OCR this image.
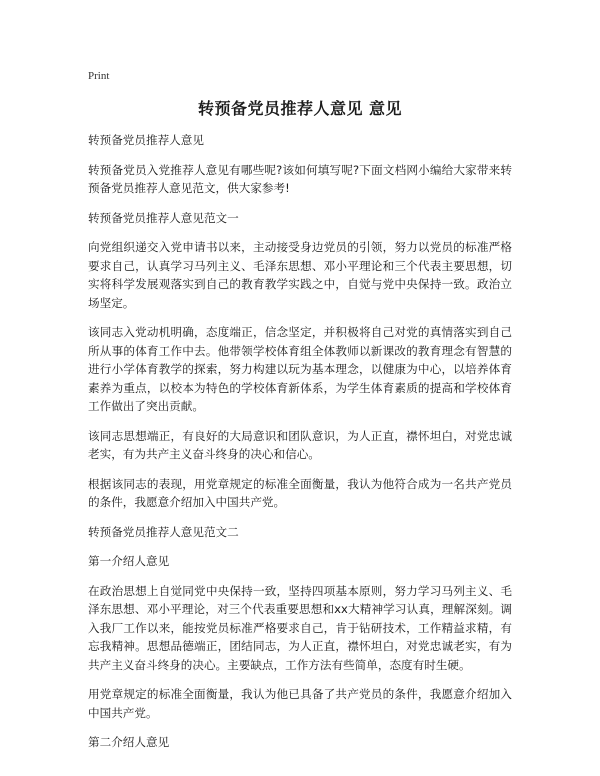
Print
转预备党员推荐人意见 意见

转预备党员推荐人意见

转预备党员入党推荐人意见有哪些呢?该如何填写呢?下面文档网小编给大家带来转预备党员推荐人意见范文，供大家参考!

转预备党员推荐人意见范文一

向党组织递交入党申请书以来，主动接受身边党员的引领，努力以党员的标准严格要求自己，认真学习马列主义、毛泽东思想、邓小平理论和三个代表主要思想，切实将科学发展观落实到自己的教育教学实践之中，自觉与党中央保持一致。政治立场坚定。

该同志入党动机明确，态度端正，信念坚定，并积极将自己对党的真情落实到自己所从事的体育工作中去。他带领学校体育组全体教师以新课改的教育理念有智慧的进行小学体育教学的探索，努力构建以玩为基本理念，以健康为中心，以培养体育素养为重点，以校本为特色的学校体育新体系，为学生体育素质的提高和学校体育工作做出了突出贡献。

该同志思想端正，有良好的大局意识和团队意识，为人正直，襟怀坦白，对党忠诚老实，有为共产主义奋斗终身的决心和信心。

根据该同志的表现，用党章规定的标准全面衡量，我认为他符合成为一名共产党员的条件，我愿意介绍加入中国共产党。

转预备党员推荐人意见范文二

第一介绍人意见

在政治思想上自觉同党中央保持一致，坚持四项基本原则，努力学习马列主义、毛泽东思想、邓小平理论，对三个代表重要思想和xx大精神学习认真，理解深刻。调入我厂工作以来，能按党员标准严格要求自己，肯于钻研技术，工作精益求精，有忘我精神。思想品德端正，团结同志，为人正直，襟怀坦白，对党忠诚老实，有为共产主义奋斗终身的决心。主要缺点，工作方法有些简单，态度有时生硬。

用党章规定的标准全面衡量，我认为他已具备了共产党员的条件，我愿意介绍加入中国共产党。

第二介绍人意见
